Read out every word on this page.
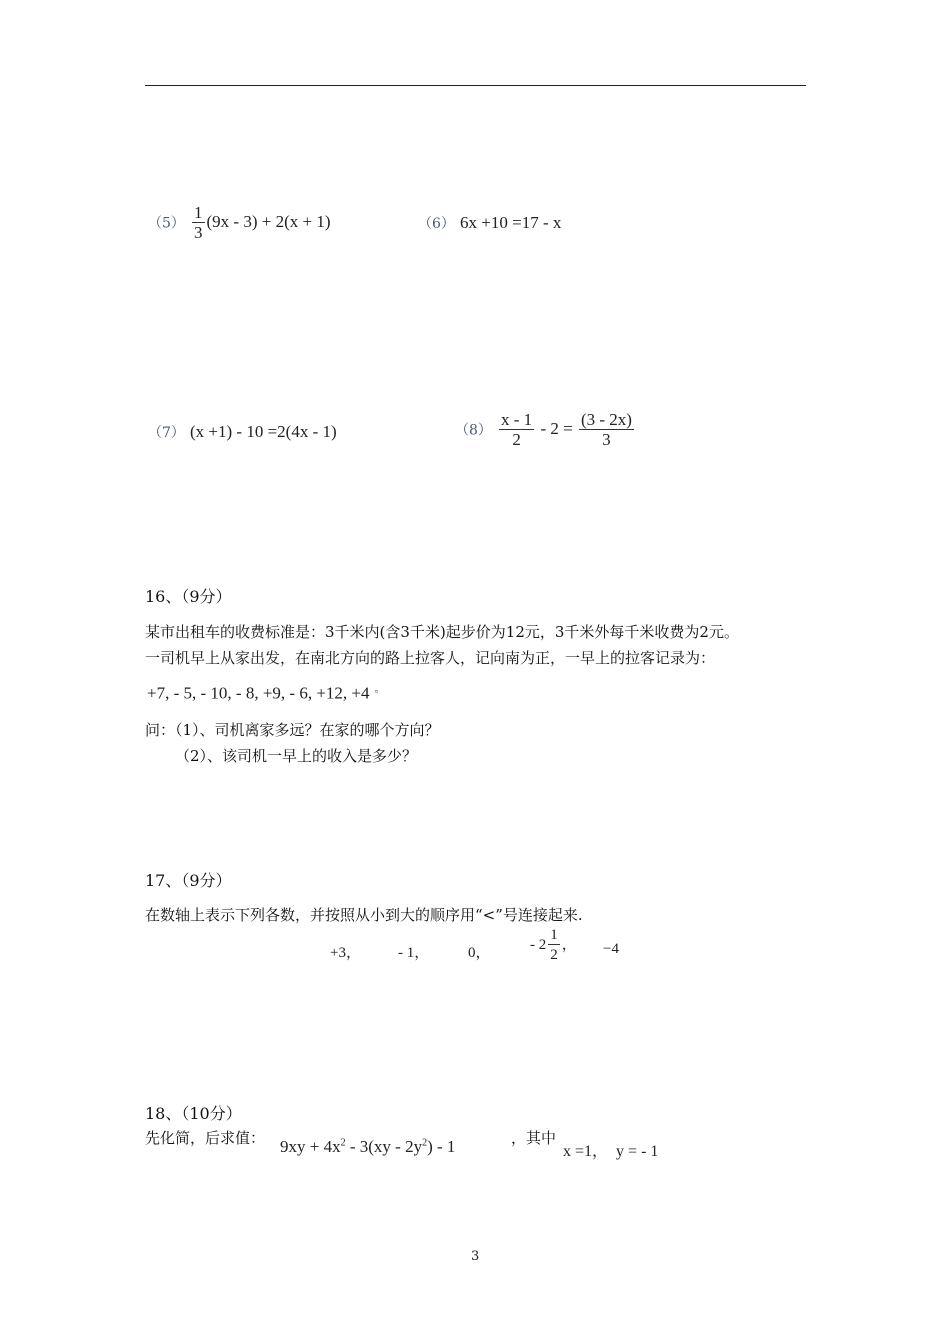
$(5) \frac{1}{3} (9x - 3) + 2(x + 1)$	（6） 6x +10 =17 - x
（7） (x +1) - 10 =2(4x - 1)	$(8) \frac{x - 1}{2} - 2 = \frac{(3 - 2x)}{3}$
16、（9分）
某市出租车的收费标准是：3千米内(含3千米)起步价为12元，3千米外每千米收费为2元。
一司机早上从家出发，在南北方向的路上拉客人，记向南为正，一早上的拉客记录为：
+7, - 5, - 10, - 8, +9, - 6, +12, +4 。
问：（1）、司机离家多远？在家的哪个方向？
（2）、该司机一早上的收入是多少？
17、（9分）
在数轴上表示下列各数，并按照从小到大的顺序用“<”号连接起来.
+3， - 1，	0，
- $2 \frac{1}{2}$ ， −4
18、（10分）
先化简，后求值： $9xy + 4x^2 - 3(xy - 2y^2) - 1$	，其中
x =1， y = - 1
3
